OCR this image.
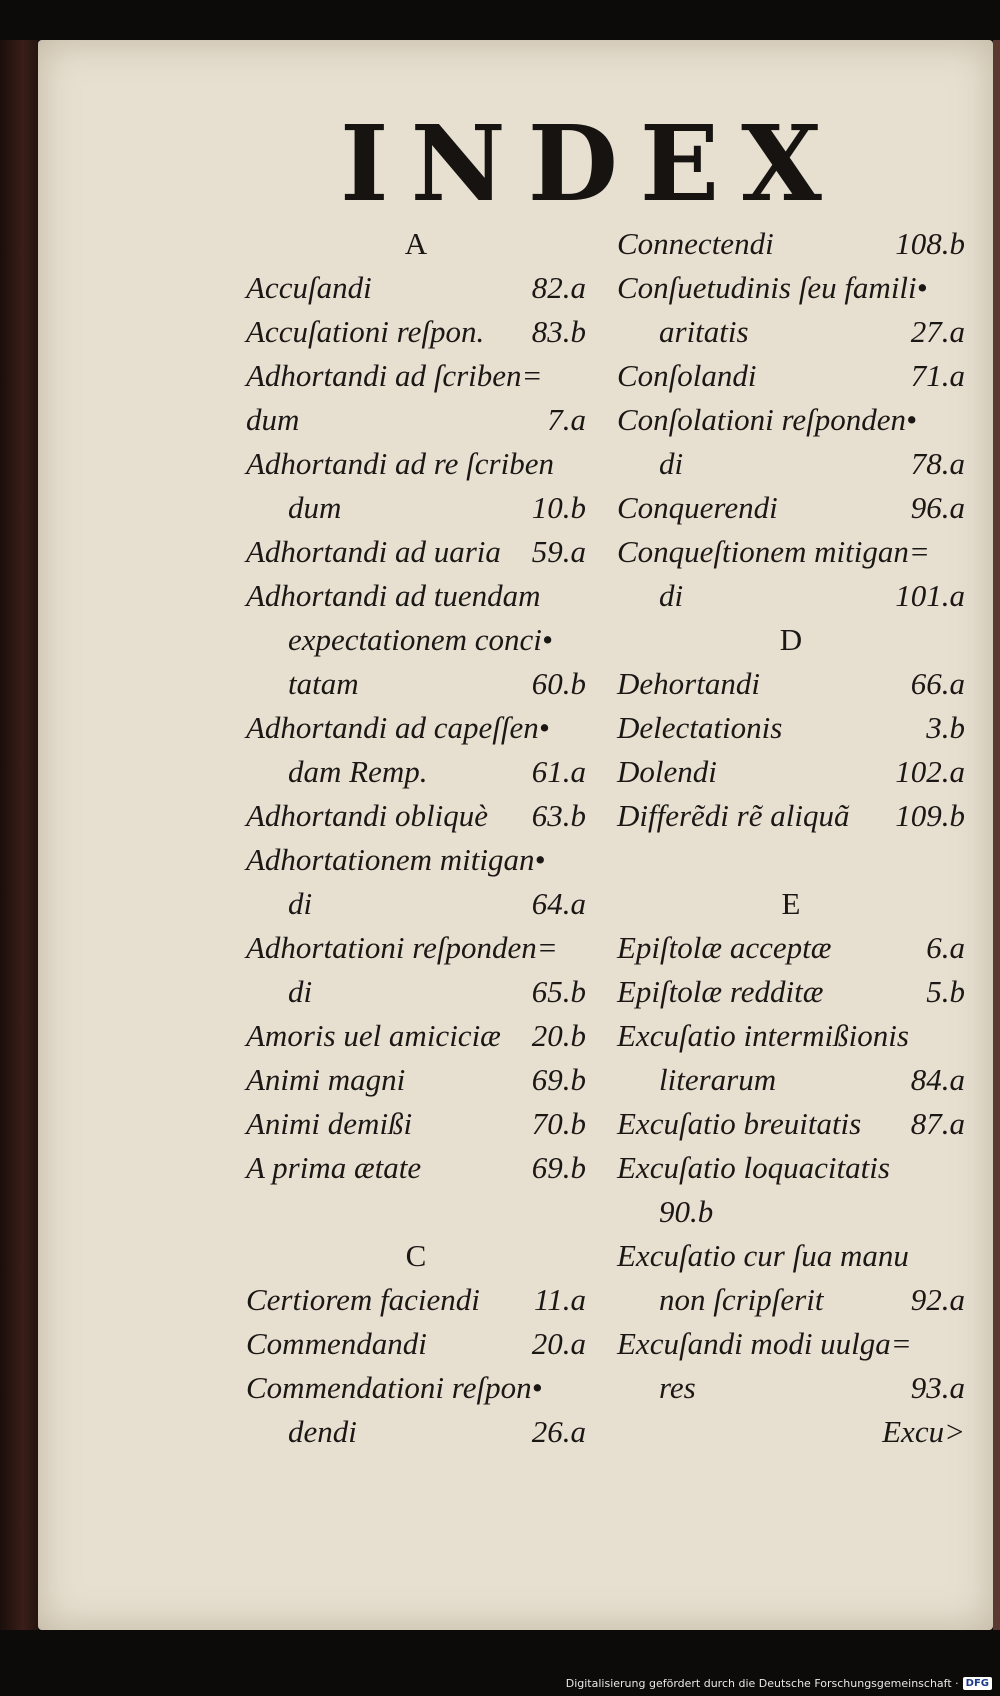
INDEX
A
Accuſandi	82.a
Accuſationi reſpon. 83.b
Adhortandi ad ſcriben=
dum	7.a
Adhortandi ad re ſcriben
dum	10.b
Adhortandi ad uaria 59.a
Adhortandi ad tuendam
expectationem conci•
tatam	60.b
Adhortandi ad capeſſen•
dam Remp.	61.a
Adhortandi obliquè 63.b
Adhortationem mitigan•
di	64.a
Adhortationi reſponden=
di	65.b
Amoris uel amiciciæ 20.b
Animi magni	69.b
Animi demißi	70.b
A prima ætate	69.b
C
Certiorem faciendi 11.a
Commendandi	20.a
Commendationi reſpon•
dendi	26.a
Connectendi	108.b
Conſuetudinis ſeu famili•
aritatis	27.a
Conſolandi	71.a
Conſolationi reſponden•
di	78.a
Conquerendi	96.a
Conqueſtionem mitigan=
di	101.a
D
Dehortandi	66.a
Delectationis	3.b
Dolendi	102.a
Differẽdi rẽ aliquã 109.b
E
Epiſtolæ acceptæ	6.a
Epiſtolæ redditæ	5.b
Excuſatio intermißionis
literarum	84.a
Excuſatio breuitatis 87.a
Excuſatio loquacitatis
90.b
Excuſatio cur ſua manu
non ſcripſerit	92.a
Excuſandi modi uulga=
res	93.a
Excu>
Digitalisierung gefördert durch die Deutsche Forschungsgemeinschaft · DFG
